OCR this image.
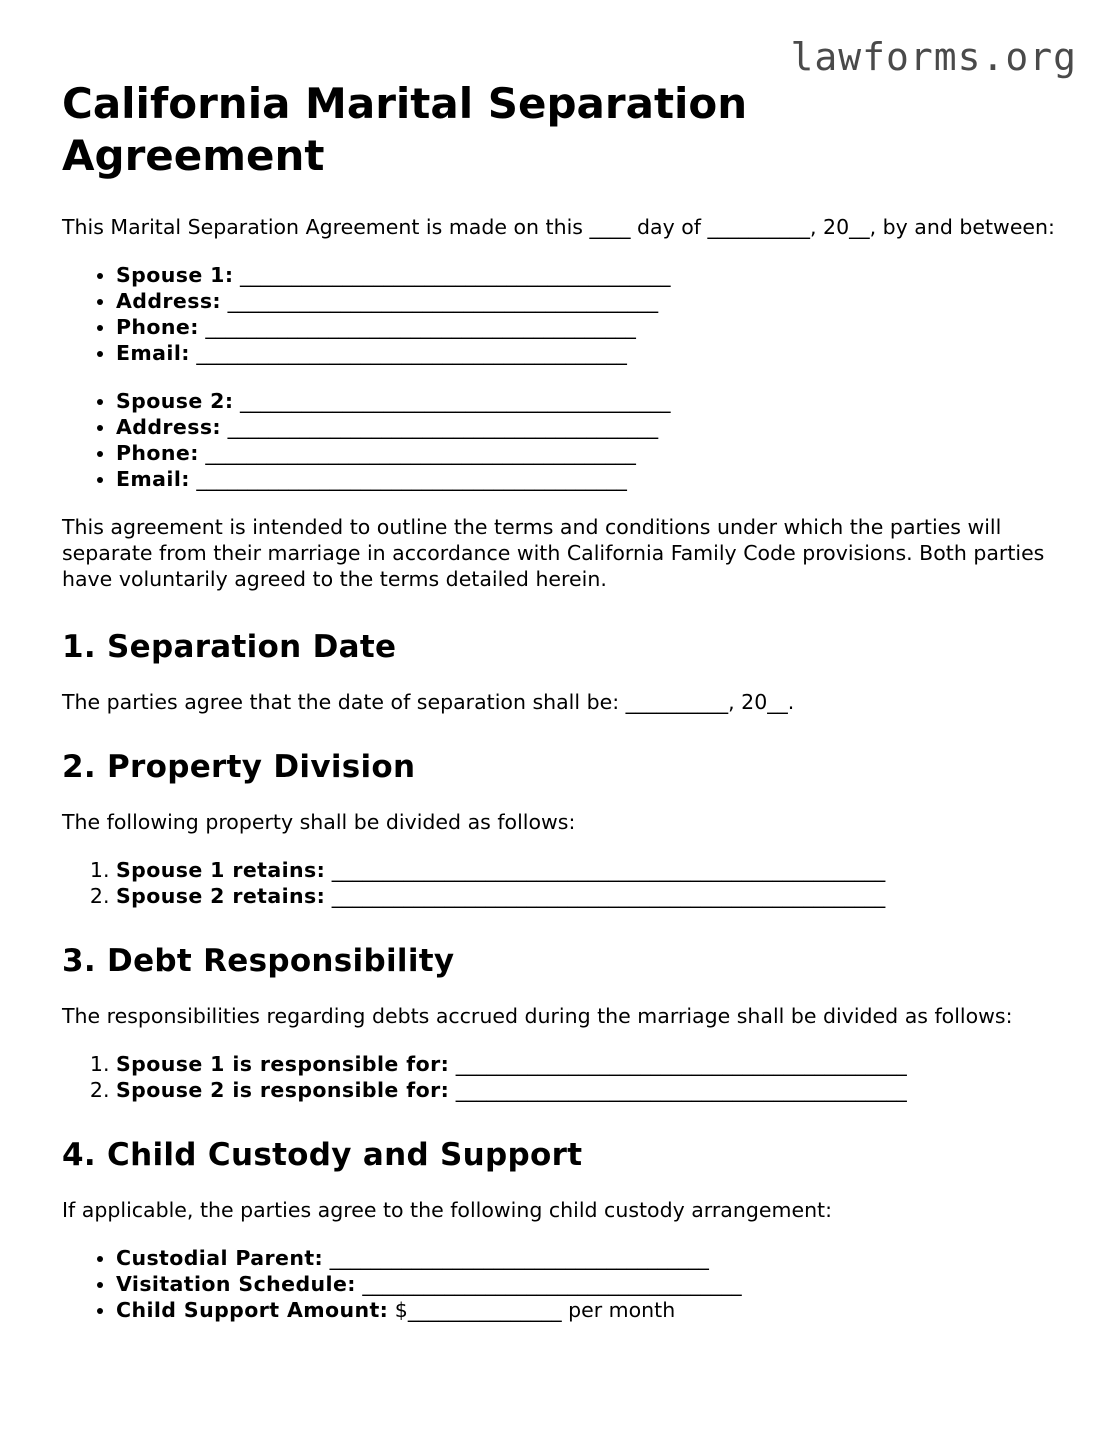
lawforms.org
California Marital Separation Agreement

This Marital Separation Agreement is made on this ____ day of __________, 20__, by and between:

• Spouse 1: __________________________________________
• Address: __________________________________________
• Phone: __________________________________________
• Email: __________________________________________
• Spouse 2: __________________________________________
• Address: __________________________________________
• Phone: __________________________________________
• Email: __________________________________________

This agreement is intended to outline the terms and conditions under which the parties will separate from their marriage in accordance with California Family Code provisions. Both parties have voluntarily agreed to the terms detailed herein.

1. Separation Date

The parties agree that the date of separation shall be: __________, 20__.

2. Property Division

The following property shall be divided as follows:

1. Spouse 1 retains: ______________________________________________________
2. Spouse 2 retains: ______________________________________________________
3. Debt Responsibility

The responsibilities regarding debts accrued during the marriage shall be divided as follows:

1. Spouse 1 is responsible for: ____________________________________________
2. Spouse 2 is responsible for: ____________________________________________
4. Child Custody and Support

If applicable, the parties agree to the following child custody arrangement:

• Custodial Parent: _____________________________________
• Visitation Schedule: _____________________________________
• Child Support Amount: $_______________ per month
